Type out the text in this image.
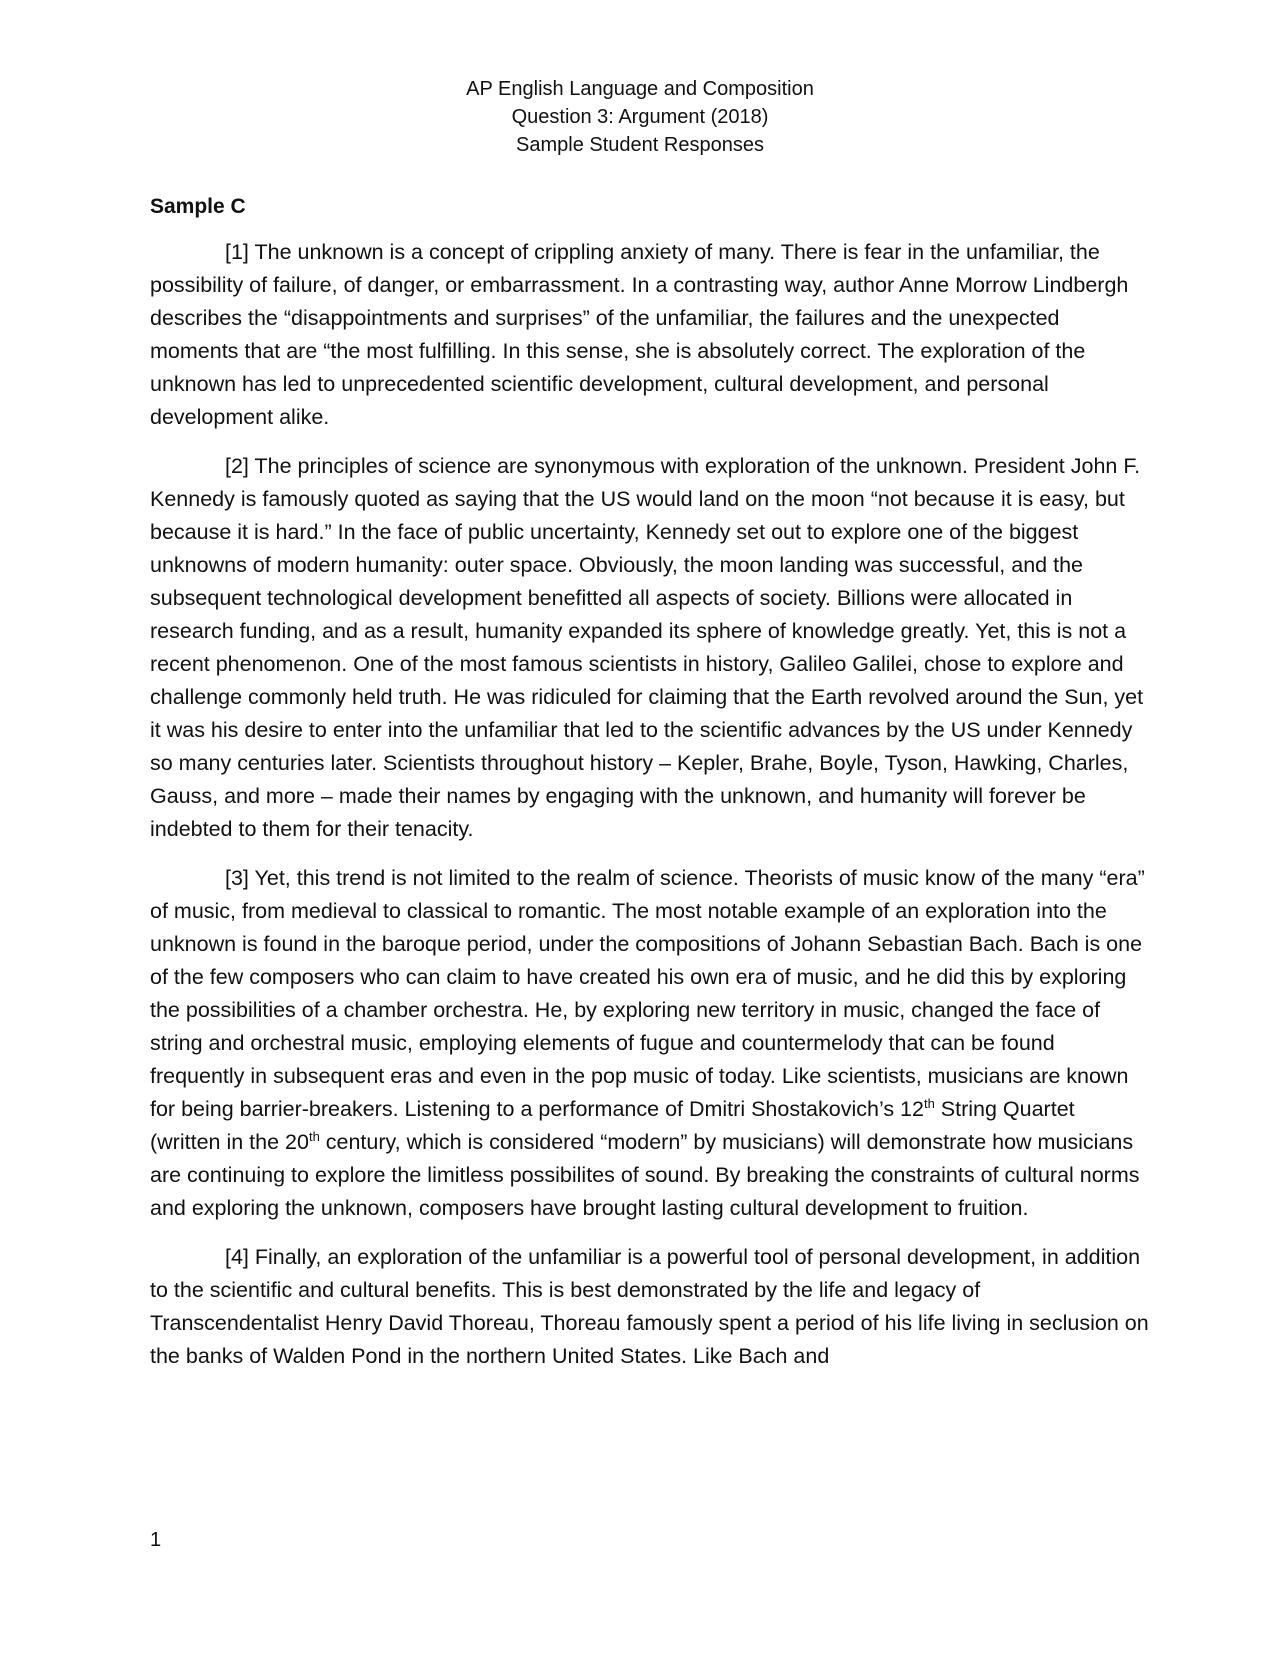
AP English Language and Composition
Question 3: Argument (2018)
Sample Student Responses
Sample C

[1] The unknown is a concept of crippling anxiety of many. There is fear in the unfamiliar, the possibility of failure, of danger, or embarrassment. In a contrasting way, author Anne Morrow Lindbergh describes the “disappointments and surprises” of the unfamiliar, the failures and the unexpected moments that are “the most fulfilling. In this sense, she is absolutely correct. The exploration of the unknown has led to unprecedented scientific development, cultural development, and personal development alike.

[2] The principles of science are synonymous with exploration of the unknown. President John F. Kennedy is famously quoted as saying that the US would land on the moon “not because it is easy, but because it is hard.” In the face of public uncertainty, Kennedy set out to explore one of the biggest unknowns of modern humanity: outer space. Obviously, the moon landing was successful, and the subsequent technological development benefitted all aspects of society. Billions were allocated in research funding, and as a result, humanity expanded its sphere of knowledge greatly. Yet, this is not a recent phenomenon. One of the most famous scientists in history, Galileo Galilei, chose to explore and challenge commonly held truth. He was ridiculed for claiming that the Earth revolved around the Sun, yet it was his desire to enter into the unfamiliar that led to the scientific advances by the US under Kennedy so many centuries later. Scientists throughout history – Kepler, Brahe, Boyle, Tyson, Hawking, Charles, Gauss, and more – made their names by engaging with the unknown, and humanity will forever be indebted to them for their tenacity.

[3] Yet, this trend is not limited to the realm of science. Theorists of music know of the many “era” of music, from medieval to classical to romantic. The most notable example of an exploration into the unknown is found in the baroque period, under the compositions of Johann Sebastian Bach. Bach is one of the few composers who can claim to have created his own era of music, and he did this by exploring the possibilities of a chamber orchestra. He, by exploring new territory in music, changed the face of string and orchestral music, employing elements of fugue and countermelody that can be found frequently in subsequent eras and even in the pop music of today. Like scientists, musicians are known for being barrier-breakers. Listening to a performance of Dmitri Shostakovich’s 12th String Quartet (written in the 20th century, which is considered “modern” by musicians) will demonstrate how musicians are continuing to explore the limitless possibilites of sound. By breaking the constraints of cultural norms and exploring the unknown, composers have brought lasting cultural development to fruition.

[4] Finally, an exploration of the unfamiliar is a powerful tool of personal development, in addition to the scientific and cultural benefits. This is best demonstrated by the life and legacy of Transcendentalist Henry David Thoreau, Thoreau famously spent a period of his life living in seclusion on the banks of Walden Pond in the northern United States. Like Bach and

1
